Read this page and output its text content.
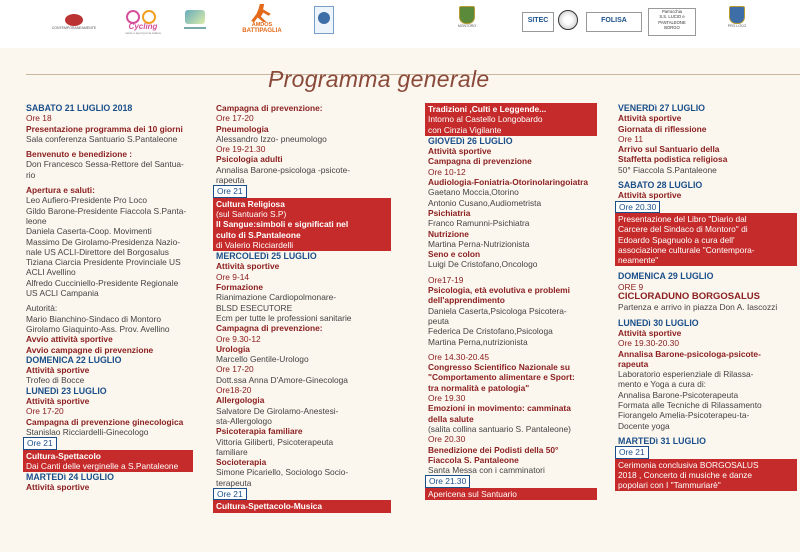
CONTEMPORANEAMENTE	Cycling
storie e sport per la cultura
AMDOS
BATTIPAGLIA
MONTORO
SITEC	FOLISA
Parrocchia
S.S. LUCIO e
PANTALEONE
BORGO	PRO LOCO
Programma generale
SABATO 21 LUGLIO 2018
Ore 18
Presentazione programma dei 10 giorni
Sala conferenza Santuario S.Pantaleone
Benvenuto e benedizione :
Don Francesco Sessa-Rettore del Santua-
rio
Apertura e saluti:
Leo Aufiero-Presidente Pro Loco
Gildo Barone-Presidente Fiaccola S.Panta-
leone
Daniela Caserta-Coop. Movimenti
Massimo De Girolamo-Presidenza Nazio-
nale US ACLI-Direttore del Borgosalus
Tiziana Ciarcia Presidente Provinciale US
ACLI Avellino
Alfredo Cucciniello-Presidente Regionale
US ACLI Campania
Autorità:
Mario Bianchino-Sindaco di Montoro
Girolamo Giaquinto-Ass. Prov. Avellino
Avvio attività sportive
Avvio campagne di prevenzione
DOMENICA 22 LUGLIO
Attività sportive
Trofeo di Bocce
LUNEDì 23 LUGLIO
Attività sportive
Ore 17-20
Campagna di prevenzione ginecologica
Stanislao Ricciardelli-Ginecologo
Ore 21
Cultura-Spettacolo
Dai Canti delle verginelle a S.Pantaleone
MARTEDì 24 LUGLIO
Attività sportive
Campagna di prevenzione:
Ore 17-20
Pneumologia
Alessandro Izzo- pneumologo
Ore 19-21.30
Psicologia adulti
Annalisa Barone-psicologa -psicote-
rapeuta
Ore 21
Cultura Religiosa
(sul Santuario S.P)
Il Sangue:simboli e significati nel
culto di S.Pantaleone
di Valerio Ricciardelli
MERCOLEDì 25 LUGLIO
Attività sportive
Ore 9-14
Formazione
Rianimazione Cardiopolmonare-
BLSD ESECUTORE
Ecm per tutte le professioni sanitarie
Campagna di prevenzione:
Ore 9.30-12
Urologia
Marcello Gentile-Urologo
Ore 17-20
Dott.ssa Anna D'Amore-Ginecologa
Ore18-20
Allergologia
Salvatore De Girolamo-Anestesi-
sta-Allergologo
Psicoterapia familiare
Vittoria Giliberti, Psicoterapeuta
familiare
Socioterapia
Simone Picariello, Sociologo Socio-
terapeuta
Ore 21
Cultura-Spettacolo-Musica
Tradizioni ,Culti e Leggende...
Intorno al Castello Longobardo
con Cinzia Vigilante
GIOVEDì 26 LUGLIO
Attività sportive
Campagna di prevenzione
Ore 10-12
Audiologia-Foniatria-Otorinolaringoiatra
Gaetano Moccia,Otorino
Antonio Cusano,Audiometrista
Psichiatria
Franco Ramunni-Psichiatra
Nutrizione
Martina Perna-Nutrizionista
Seno e colon
Luigi De Cristofano,Oncologo
Ore17-19
Psicologia, età evolutiva e problemi
dell'apprendimento
Daniela Caserta,Psicologa Psicotera-
peuta
Federica De Cristofano,Psicologa
Martina Perna,nutrizionista
Ore 14.30-20.45
Congresso Scientifico Nazionale su
"Comportamento alimentare e Sport:
tra normalità e patologia"
Ore 19.30
Emozioni in movimento: camminata
della salute
(salita collina santuario S. Pantaleone)
Ore 20.30
Benedizione dei Podisti della 50°
Fiaccola S. Pantaleone
Santa Messa con i camminatori
Ore 21.30
Apericena sul Santuario
VENERDì 27 LUGLIO
Attività sportive
Giornata di riflessione
Ore 11
Arrivo sul Santuario della
Staffetta podistica religiosa
50° Fiaccola S.Pantaleone
SABATO 28 LUGLIO
Attività sportive
Ore 20.30
Presentazione del Libro "Diario dal
Carcere del Sindaco di Montoro" di
Edoardo Spagnuolo a cura dell'
associazione culturale "Contempora-
neamente"
DOMENICA 29 LUGLIO
ORE 9
CICLORADUNO BORGOSALUS
Partenza e arrivo in piazza Don A. Iascozzi
LUNEDì 30 LUGLIO
Attività sportive
Ore 19.30-20.30
Annalisa Barone-psicologa-psicote-
rapeuta
Laboratorio esperienziale di Rilassa-
mento e Yoga a cura di:
Annalisa Barone-Psicoterapeuta
Formata alle Tecniche di Rilassamento
Fiorangelo Amelia-Psicoterapeu-ta-
Docente yoga
MARTEDì 31 LUGLIO
Ore 21
Cerimonia conclusiva BORGOSALUS
2018 , Concerto di musiche e danze
popolari con I "Tammuriarè"
